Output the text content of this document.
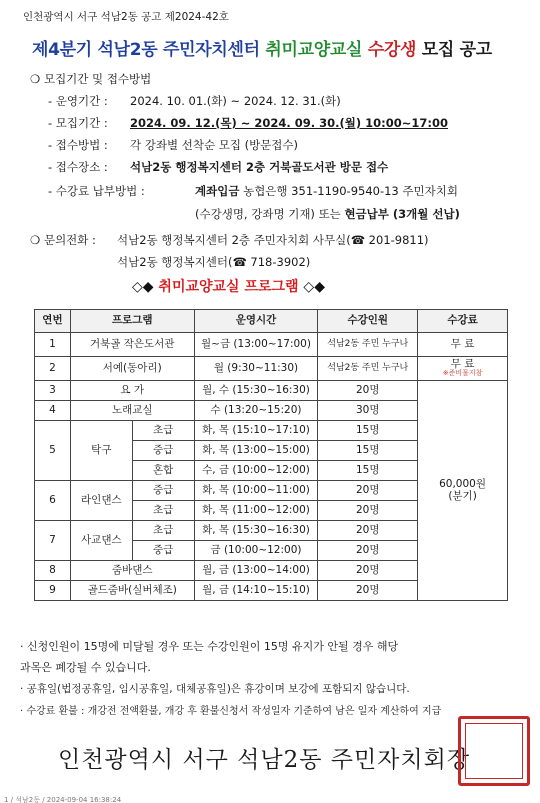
인천광역시 서구 석남2동 공고 제2024-42호
제4분기 석남2동 주민자치센터 취미교양교실 수강생 모집 공고
❍ 모집기간 및 접수방법
- 운영기간 : 2024. 10. 01.(화) ~ 2024. 12. 31.(화)
- 모집기간 : 2024. 09. 12.(목) ~ 2024. 09. 30.(월) 10:00~17:00
- 접수방법 : 각 강좌별 선착순 모집 (방문접수)
- 접수장소 : 석남2동 행정복지센터 2층 거북골도서관 방문 접수
- 수강료 납부방법 :	계좌입금 농협은행 351-1190-9540-13 주민자치회
(수강생명, 강좌명 기재) 또는 현금납부 (3개월 선납)
❍ 문의전화 : 석남2동 행정복지센터 2층 주민자치회 사무실(☎ 201-9811)
석남2동 행정복지센터(☎ 718-3902)
◇◆ 취미교양교실 프로그램 ◇◆
연번	프로그램		운영시간	수강인원	수강료
1	거북골 작은도서관		월~금 (13:00~17:00)	석남2동 주민 누구나	무 료
2	서예(동아리)		월 (9:30~11:30)	석남2동 주민 누구나	무 료
※준비물지참

3	요 가		월, 수 (15:30~16:30)	20명	60,000원
(분기)

4	노래교실		수 (13:20~15:20)	30명	
5	탁구	초급	화, 목 (15:10~17:10)	15명	
		중급	화, 목 (13:00~15:00)	15명	
		혼합	수, 금 (10:00~12:00)	15명	
6	라인댄스	중급	화, 목 (10:00~11:00)	20명	
		초급	화, 목 (11:00~12:00)	20명	
7	사교댄스	초급	화, 목 (15:30~16:30)	20명	
		중급	금 (10:00~12:00)	20명	
8	줌바댄스		월, 금 (13:00~14:00)	20명	
9	골드줌바(실버체조)		월, 금 (14:10~15:10)	20명	
· 신청인원이 15명에 미달될 경우 또는 수강인원이 15명 유지가 안될 경우 해당
과목은 폐강될 수 있습니다.
· 공휴일(법정공휴일, 임시공휴일, 대체공휴일)은 휴강이며 보강에 포함되지 않습니다.
· 수강료 환불 : 개강전 전액환불, 개강 후 환불신청서 작성일자 기준하여 남은 일자 계산하여 지급
인천광역시 서구 석남2동 주민자치회장
1 / 석남2동 / 2024-09-04 16:38:24
